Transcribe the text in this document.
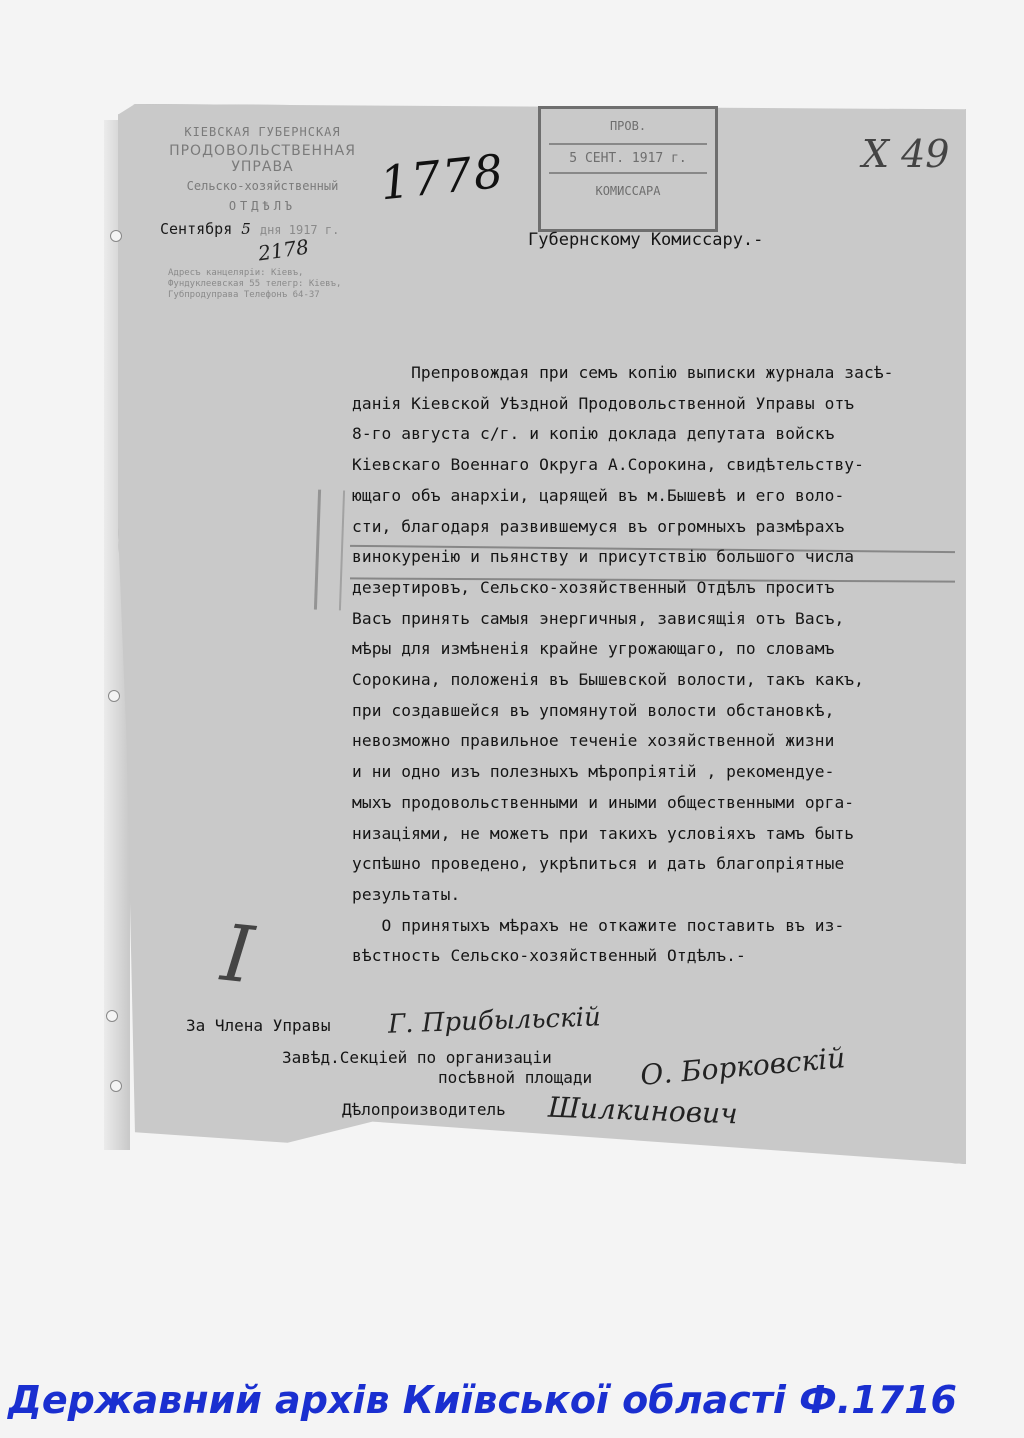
КІЕВСКАЯ ГУБЕРНСКАЯ
ПРОДОВОЛЬСТВЕННАЯ УПРАВА
Сельско-хозяйственный
ОТДѢЛЪ
Сентября 5 дня 1917 г.
2178
Адресъ канцеляріи: Кіевъ, Фундуклеевская 55 телегр: Кіевъ, Губпродуправа Телефонъ 64-37
1778
ПРОВ.
5 СЕНТ. 1917 г.
КОМИССАРА
X 49
Губернскому Комиссару.-
Препровождая при семъ копію выписки журнала засѣ-
данія Кіевской Уѣздной Продовольственной Управы отъ
8-го августа с/г. и копію доклада депутата войскъ
Кіевскаго Военнаго Округа А.Сорокина, свидѣтельству-
ющаго объ анархіи, царящей въ м.Бышевѣ и его воло-
сти, благодаря развившемуся въ огромныхъ размѣрахъ
винокуренію и пьянству и присутствію большого числа
дезертировъ, Сельско-хозяйственный Отдѣлъ проситъ
Васъ принять самыя энергичныя, зависящія отъ Васъ,
мѣры для измѣненія крайне угрожающаго, по словамъ
Сорокина, положенія въ Бышевской волости, такъ какъ,
при создавшейся въ упомянутой волости обстановкѣ,
невозможно правильное теченіе хозяйственной жизни
и ни одно изъ полезныхъ мѣропріятій , рекомендуе-
мыхъ продовольственными и иными общественными орга-
низаціями, не можетъ при такихъ условіяхъ тамъ быть
успѣшно проведено, укрѣпиться и дать благопріятные
результаты.
О принятыхъ мѣрахъ не откажите поставить въ из-
вѣстность Сельско-хозяйственный Отдѣлъ.-
I
За Члена Управы Г. Прибыльскій
Завѣд.Секціей по организаціи
посѣвной площади О. Борковскій
Дѣлопроизводитель Шилкинович
Державний архів Київської області Ф.1716
